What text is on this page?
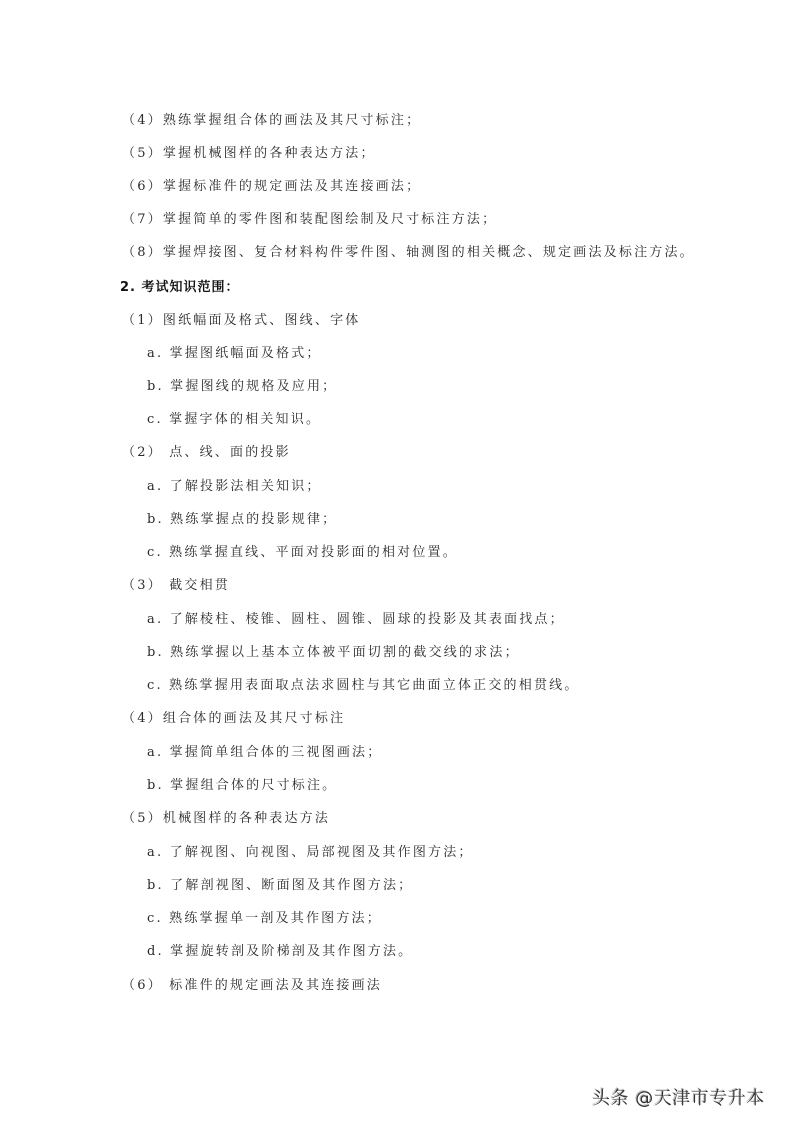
（4）熟练掌握组合体的画法及其尺寸标注；
（5）掌握机械图样的各种表达方法；
（6）掌握标准件的规定画法及其连接画法；
（7）掌握简单的零件图和装配图绘制及尺寸标注方法；
（8）掌握焊接图、复合材料构件零件图、轴测图的相关概念、规定画法及标注方法。
2. 考试知识范围：
（1）图纸幅面及格式、图线、字体
a. 掌握图纸幅面及格式；
b. 掌握图线的规格及应用；
c. 掌握字体的相关知识。
（2） 点、线、面的投影
a. 了解投影法相关知识；
b. 熟练掌握点的投影规律；
c. 熟练掌握直线、平面对投影面的相对位置。
（3） 截交相贯
a. 了解棱柱、棱锥、圆柱、圆锥、圆球的投影及其表面找点；
b. 熟练掌握以上基本立体被平面切割的截交线的求法；
c. 熟练掌握用表面取点法求圆柱与其它曲面立体正交的相贯线。
（4）组合体的画法及其尺寸标注
a. 掌握简单组合体的三视图画法；
b. 掌握组合体的尺寸标注。
（5）机械图样的各种表达方法
a. 了解视图、向视图、局部视图及其作图方法；
b. 了解剖视图、断面图及其作图方法；
c. 熟练掌握单一剖及其作图方法；
d. 掌握旋转剖及阶梯剖及其作图方法。
（6） 标准件的规定画法及其连接画法
头条 @天津市专升本
